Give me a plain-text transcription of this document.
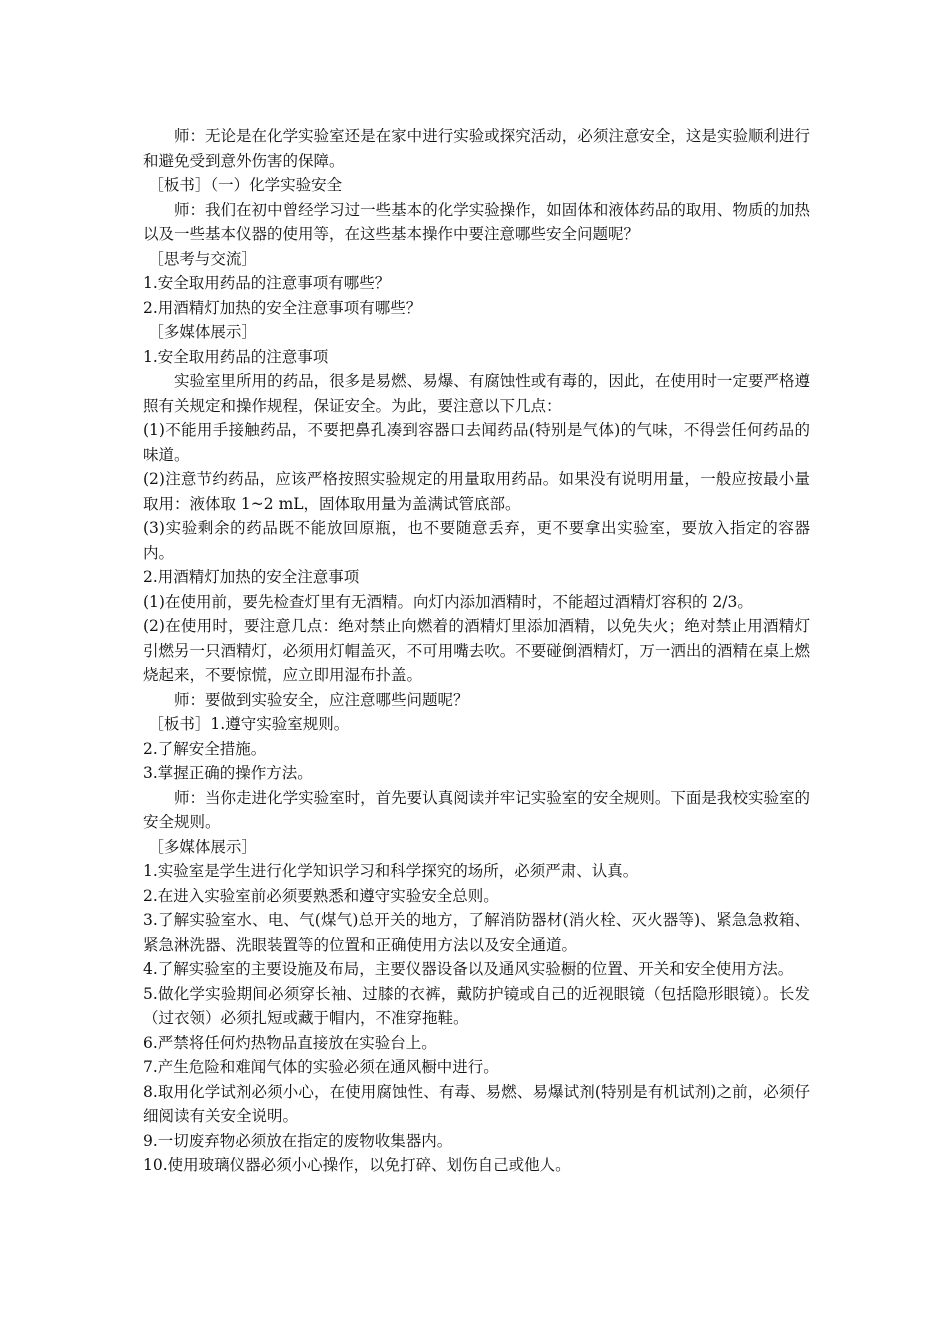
师：无论是在化学实验室还是在家中进行实验或探究活动，必须注意安全，这是实验顺利进行和避免受到意外伤害的保障。

［板书］（一）化学实验安全

师：我们在初中曾经学习过一些基本的化学实验操作，如固体和液体药品的取用、物质的加热以及一些基本仪器的使用等，在这些基本操作中要注意哪些安全问题呢？

［思考与交流］

1.安全取用药品的注意事项有哪些？

2.用酒精灯加热的安全注意事项有哪些？

［多媒体展示］

1.安全取用药品的注意事项

实验室里所用的药品，很多是易燃、易爆、有腐蚀性或有毒的，因此，在使用时一定要严格遵照有关规定和操作规程，保证安全。为此，要注意以下几点：

(1)不能用手接触药品，不要把鼻孔凑到容器口去闻药品(特别是气体)的气味，不得尝任何药品的味道。

(2)注意节约药品，应该严格按照实验规定的用量取用药品。如果没有说明用量，一般应按最小量取用：液体取 1~2 mL，固体取用量为盖满试管底部。

(3)实验剩余的药品既不能放回原瓶，也不要随意丢弃，更不要拿出实验室，要放入指定的容器内。

2.用酒精灯加热的安全注意事项

(1)在使用前，要先检查灯里有无酒精。向灯内添加酒精时，不能超过酒精灯容积的 2/3。

(2)在使用时，要注意几点：绝对禁止向燃着的酒精灯里添加酒精，以免失火；绝对禁止用酒精灯引燃另一只酒精灯，必须用灯帽盖灭，不可用嘴去吹。不要碰倒酒精灯，万一洒出的酒精在桌上燃烧起来，不要惊慌，应立即用湿布扑盖。

师：要做到实验安全，应注意哪些问题呢？

［板书］1.遵守实验室规则。

2.了解安全措施。

3.掌握正确的操作方法。

师：当你走进化学实验室时，首先要认真阅读并牢记实验室的安全规则。下面是我校实验室的安全规则。

［多媒体展示］

1.实验室是学生进行化学知识学习和科学探究的场所，必须严肃、认真。

2.在进入实验室前必须要熟悉和遵守实验安全总则。

3.了解实验室水、电、气(煤气)总开关的地方，了解消防器材(消火栓、灭火器等)、紧急急救箱、紧急淋洗器、洗眼装置等的位置和正确使用方法以及安全通道。

4.了解实验室的主要设施及布局，主要仪器设备以及通风实验橱的位置、开关和安全使用方法。

5.做化学实验期间必须穿长袖、过膝的衣裤，戴防护镜或自己的近视眼镜（包括隐形眼镜）。长发（过衣领）必须扎短或藏于帽内，不准穿拖鞋。

6.严禁将任何灼热物品直接放在实验台上。

7.产生危险和难闻气体的实验必须在通风橱中进行。

8.取用化学试剂必须小心，在使用腐蚀性、有毒、易燃、易爆试剂(特别是有机试剂)之前，必须仔细阅读有关安全说明。

9.一切废弃物必须放在指定的废物收集器内。

10.使用玻璃仪器必须小心操作，以免打碎、划伤自己或他人。
